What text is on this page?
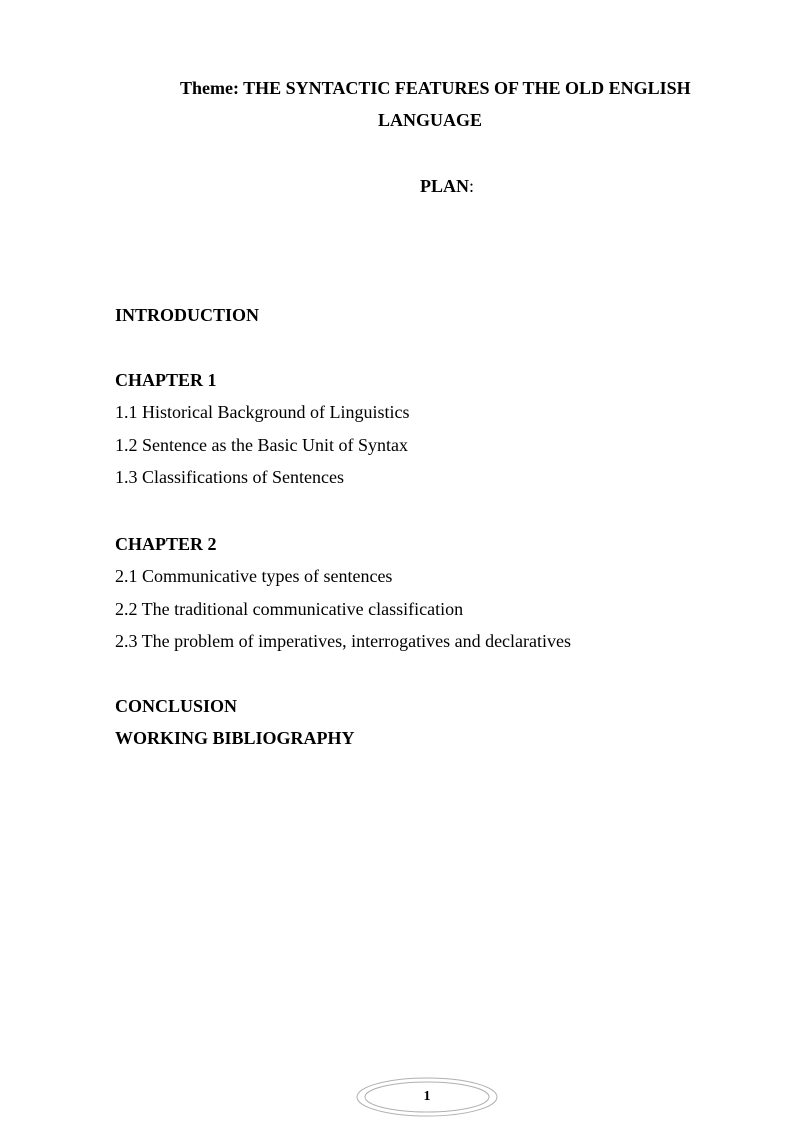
Theme: THE SYNTACTIC FEATURES OF THE OLD ENGLISH
LANGUAGE
PLAN:
INTRODUCTION
CHAPTER 1
1.1 Historical Background of Linguistics
1.2 Sentence as the Basic Unit of Syntax
1.3 Classifications of Sentences
CHAPTER 2
2.1 Communicative types of sentences
2.2 The traditional communicative classification
2.3 The problem of imperatives, interrogatives and declaratives
CONCLUSION
WORKING BIBLIOGRAPHY
1
